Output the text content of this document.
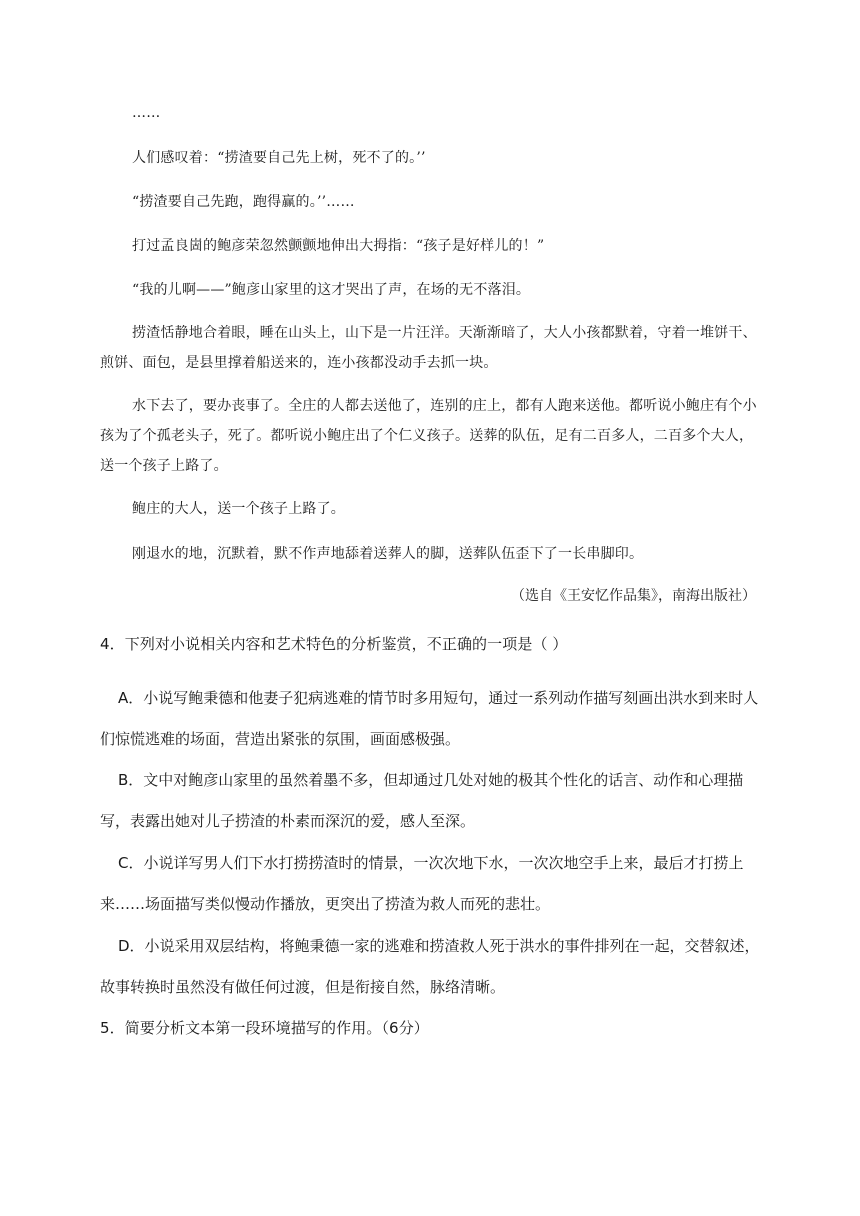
……
人们感叹着：“捞渣要自己先上树，死不了的。’’
“捞渣要自己先跑，跑得赢的。’’……
打过孟良崮的鲍彦荣忽然颤颤地伸出大拇指：“孩子是好样儿的！”
“我的儿啊——”鲍彦山家里的这才哭出了声，在场的无不落泪。
捞渣恬静地合着眼，睡在山头上，山下是一片汪洋。天渐渐暗了，大人小孩都默着，守着一堆饼干、煎饼、面包，是县里撑着船送来的，连小孩都没动手去抓一块。
水下去了，要办丧事了。全庄的人都去送他了，连别的庄上，都有人跑来送他。都听说小鲍庄有个小孩为了个孤老头子，死了。都听说小鲍庄出了个仁义孩子。送葬的队伍，足有二百多人，二百多个大人，送一个孩子上路了。
鲍庄的大人，送一个孩子上路了。
刚退水的地，沉默着，默不作声地舔着送葬人的脚，送葬队伍歪下了一长串脚印。
（选自《王安忆作品集》，南海出版社）
4．下列对小说相关内容和艺术特色的分析鉴赏，不正确的一项是（ ）
A．小说写鲍秉德和他妻子犯病逃难的情节时多用短句，通过一系列动作描写刻画出洪水到来时人们惊慌逃难的场面，营造出紧张的氛围，画面感极强。
B．文中对鲍彦山家里的虽然着墨不多，但却通过几处对她的极其个性化的话言、动作和心理描写，表露出她对儿子捞渣的朴素而深沉的爱，感人至深。
C．小说详写男人们下水打捞捞渣时的情景，一次次地下水，一次次地空手上来，最后才打捞上来……场面描写类似慢动作播放，更突出了捞渣为救人而死的悲壮。
D．小说采用双层结构，将鲍秉德一家的逃难和捞渣救人死于洪水的事件排列在一起，交替叙述，故事转换时虽然没有做任何过渡，但是衔接自然，脉络清晰。
5．简要分析文本第一段环境描写的作用。（6分）
